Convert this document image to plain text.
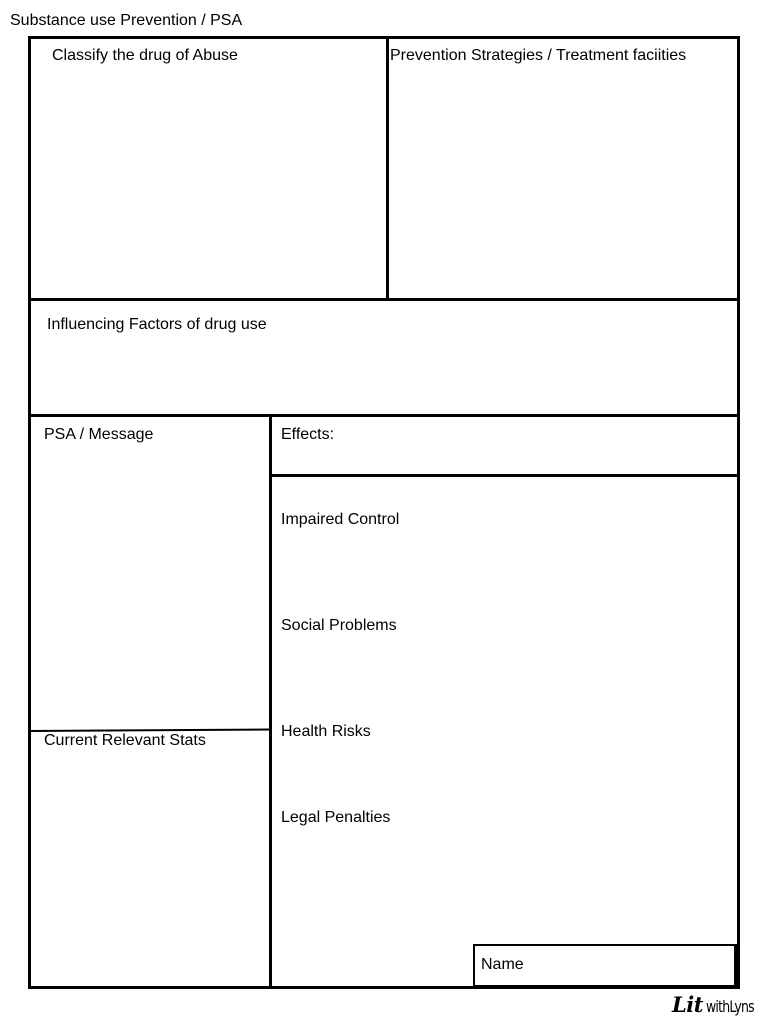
Substance use Prevention / PSA
Classify the drug of Abuse	Prevention Strategies / Treatment faciities
Influencing Factors of drug use
PSA / Message
Current Relevant Stats
Effects:
Impaired Control
Social Problems
Health Risks
Legal Penalties
Name
Lit withLyns
